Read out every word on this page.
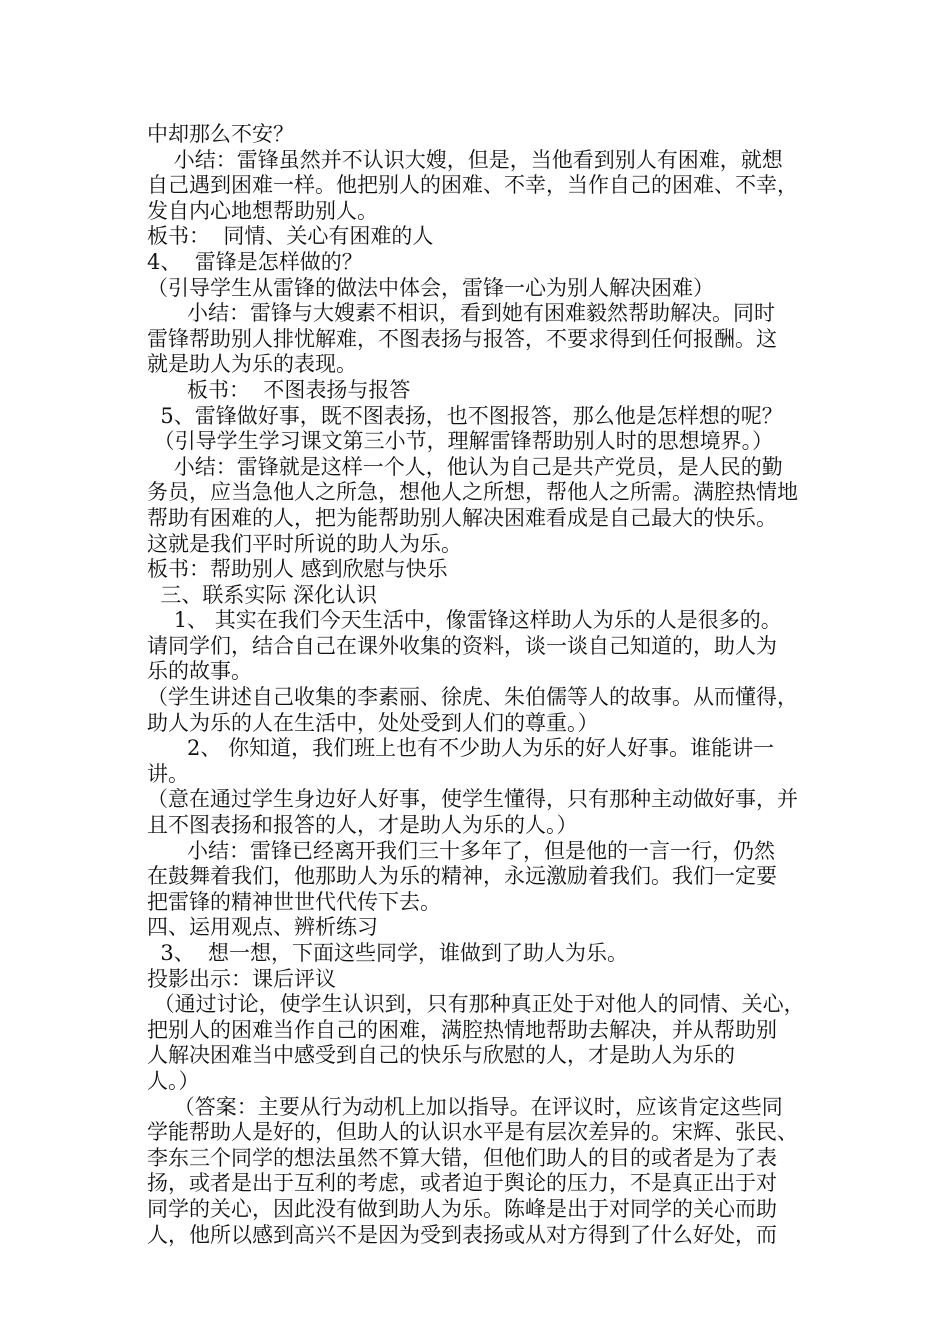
中却那么不安？
小结：雷锋虽然并不认识大嫂，但是，当他看到别人有困难，就想
自己遇到困难一样。他把别人的困难、不幸，当作自己的困难、不幸，
发自内心地想帮助别人。
板书：  同情、关心有困难的人
4、  雷锋是怎样做的？
（引导学生从雷锋的做法中体会，雷锋一心为别人解决困难）
小结：雷锋与大嫂素不相识，看到她有困难毅然帮助解决。同时
雷锋帮助别人排忧解难，不图表扬与报答，不要求得到任何报酬。这
就是助人为乐的表现。
板书：  不图表扬与报答
5、雷锋做好事，既不图表扬，也不图报答，那么他是怎样想的呢？
（引导学生学习课文第三小节，理解雷锋帮助别人时的思想境界。）
小结：雷锋就是这样一个人，他认为自己是共产党员，是人民的勤
务员，应当急他人之所急，想他人之所想，帮他人之所需。满腔热情地
帮助有困难的人，把为能帮助别人解决困难看成是自己最大的快乐。
这就是我们平时所说的助人为乐。
板书：帮助别人 感到欣慰与快乐
三、联系实际 深化认识
1、 其实在我们今天生活中，像雷锋这样助人为乐的人是很多的。
请同学们，结合自己在课外收集的资料，谈一谈自己知道的，助人为
乐的故事。
（学生讲述自己收集的李素丽、徐虎、朱伯儒等人的故事。从而懂得，
助人为乐的人在生活中，处处受到人们的尊重。）
2、 你知道，我们班上也有不少助人为乐的好人好事。谁能讲一
讲。
（意在通过学生身边好人好事，使学生懂得，只有那种主动做好事，并
且不图表扬和报答的人，才是助人为乐的人。）
小结：雷锋已经离开我们三十多年了，但是他的一言一行，仍然
在鼓舞着我们，他那助人为乐的精神，永远激励着我们。我们一定要
把雷锋的精神世世代代传下去。
四、运用观点、辨析练习
3、  想一想，下面这些同学，谁做到了助人为乐。
投影出示：课后评议
（通过讨论，使学生认识到，只有那种真正处于对他人的同情、关心，
把别人的困难当作自己的困难，满腔热情地帮助去解决，并从帮助别
人解决困难当中感受到自己的快乐与欣慰的人，才是助人为乐的
人。）
（答案：主要从行为动机上加以指导。在评议时，应该肯定这些同
学能帮助人是好的，但助人的认识水平是有层次差异的。宋辉、张民、
李东三个同学的想法虽然不算大错，但他们助人的目的或者是为了表
扬，或者是出于互利的考虑，或者迫于舆论的压力，不是真正出于对
同学的关心，因此没有做到助人为乐。陈峰是出于对同学的关心而助
人，他所以感到高兴不是因为受到表扬或从对方得到了什么好处，而
